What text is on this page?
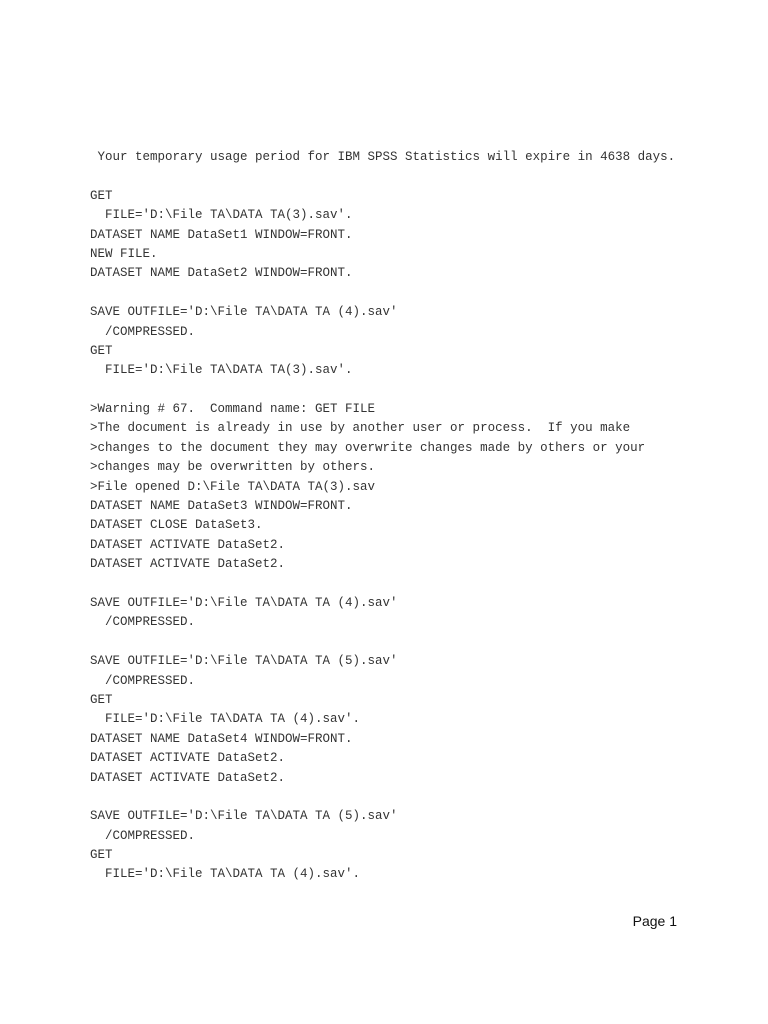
Your temporary usage period for IBM SPSS Statistics will expire in 4638 days.
GET
FILE='D:\File TA\DATA TA(3).sav'.
DATASET NAME DataSet1 WINDOW=FRONT.
NEW FILE.
DATASET NAME DataSet2 WINDOW=FRONT.
SAVE OUTFILE='D:\File TA\DATA TA (4).sav'
/COMPRESSED.
GET
FILE='D:\File TA\DATA TA(3).sav'.
>Warning # 67.  Command name: GET FILE
>The document is already in use by another user or process.  If you make
>changes to the document they may overwrite changes made by others or your
>changes may be overwritten by others.
>File opened D:\File TA\DATA TA(3).sav
DATASET NAME DataSet3 WINDOW=FRONT.
DATASET CLOSE DataSet3.
DATASET ACTIVATE DataSet2.
DATASET ACTIVATE DataSet2.
SAVE OUTFILE='D:\File TA\DATA TA (4).sav'
/COMPRESSED.
SAVE OUTFILE='D:\File TA\DATA TA (5).sav'
/COMPRESSED.
GET
FILE='D:\File TA\DATA TA (4).sav'.
DATASET NAME DataSet4 WINDOW=FRONT.
DATASET ACTIVATE DataSet2.
DATASET ACTIVATE DataSet2.
SAVE OUTFILE='D:\File TA\DATA TA (5).sav'
/COMPRESSED.
GET
FILE='D:\File TA\DATA TA (4).sav'.
Page 1
